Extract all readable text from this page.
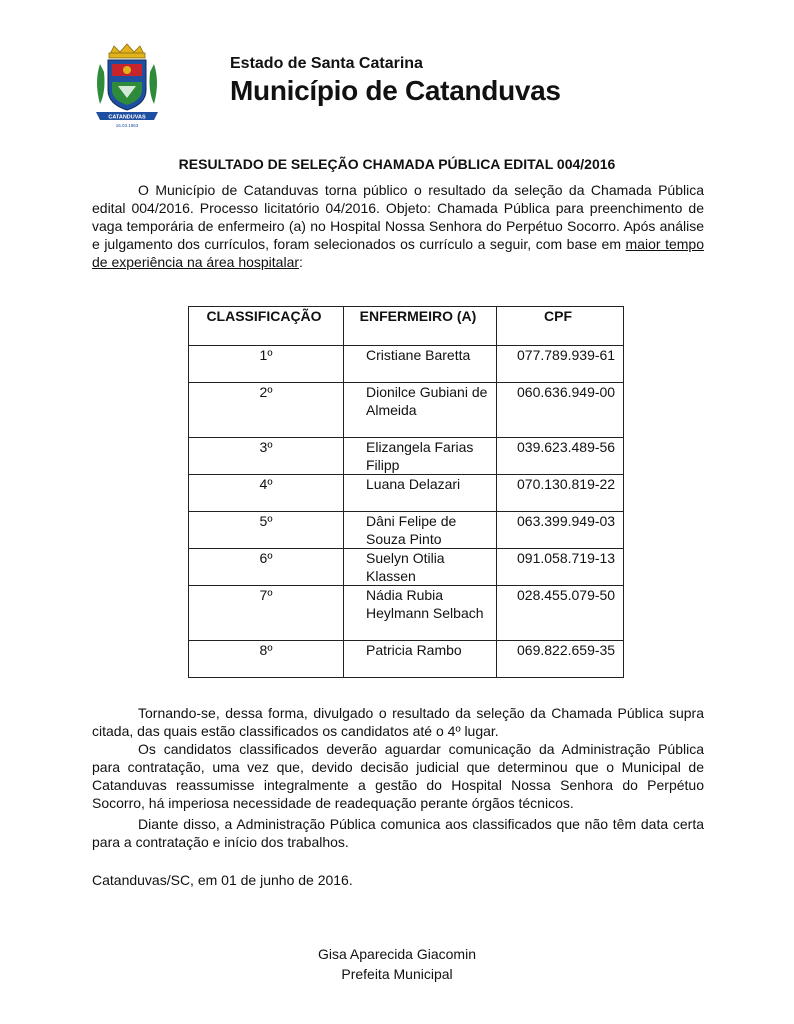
CATANDUVAS
16.03.1963

Estado de Santa Catarina

Município de Catanduvas

RESULTADO DE SELEÇÃO CHAMADA PÚBLICA EDITAL 004/2016

O Município de Catanduvas torna público o resultado da seleção da Chamada Pública edital 004/2016. Processo licitatório 04/2016. Objeto: Chamada Pública para preenchimento de vaga temporária de enfermeiro (a) no Hospital Nossa Senhora do Perpétuo Socorro. Após análise e julgamento dos currículos, foram selecionados os currículo a seguir, com base em maior tempo de experiência na área hospitalar:

CLASSIFICAÇÃO	ENFERMEIRO (A)	CPF
1º	Cristiane Baretta	077.789.939-61
2º	Dionilce Gubiani de Almeida	060.636.949-00
3º	Elizangela Farias Filipp	039.623.489-56
4º	Luana Delazari	070.130.819-22
5º	Dâni Felipe de Souza Pinto	063.399.949-03
6º	Suelyn Otilia Klassen	091.058.719-13
7º	Nádia Rubia Heylmann Selbach	028.455.079-50
8º	Patricia Rambo	069.822.659-35

Tornando-se, dessa forma, divulgado o resultado da seleção da Chamada Pública supra citada, das quais estão classificados os candidatos até o 4º lugar.

Os candidatos classificados deverão aguardar comunicação da Administração Pública para contratação, uma vez que, devido decisão judicial que determinou que o Municipal de Catanduvas reassumisse integralmente a gestão do Hospital Nossa Senhora do Perpétuo Socorro, há imperiosa necessidade de readequação perante órgãos técnicos.

Diante disso, a Administração Pública comunica aos classificados que não têm data certa para a contratação e início dos trabalhos.

Catanduvas/SC, em 01 de junho de 2016.

Gisa Aparecida Giacomin

Prefeita Municipal
